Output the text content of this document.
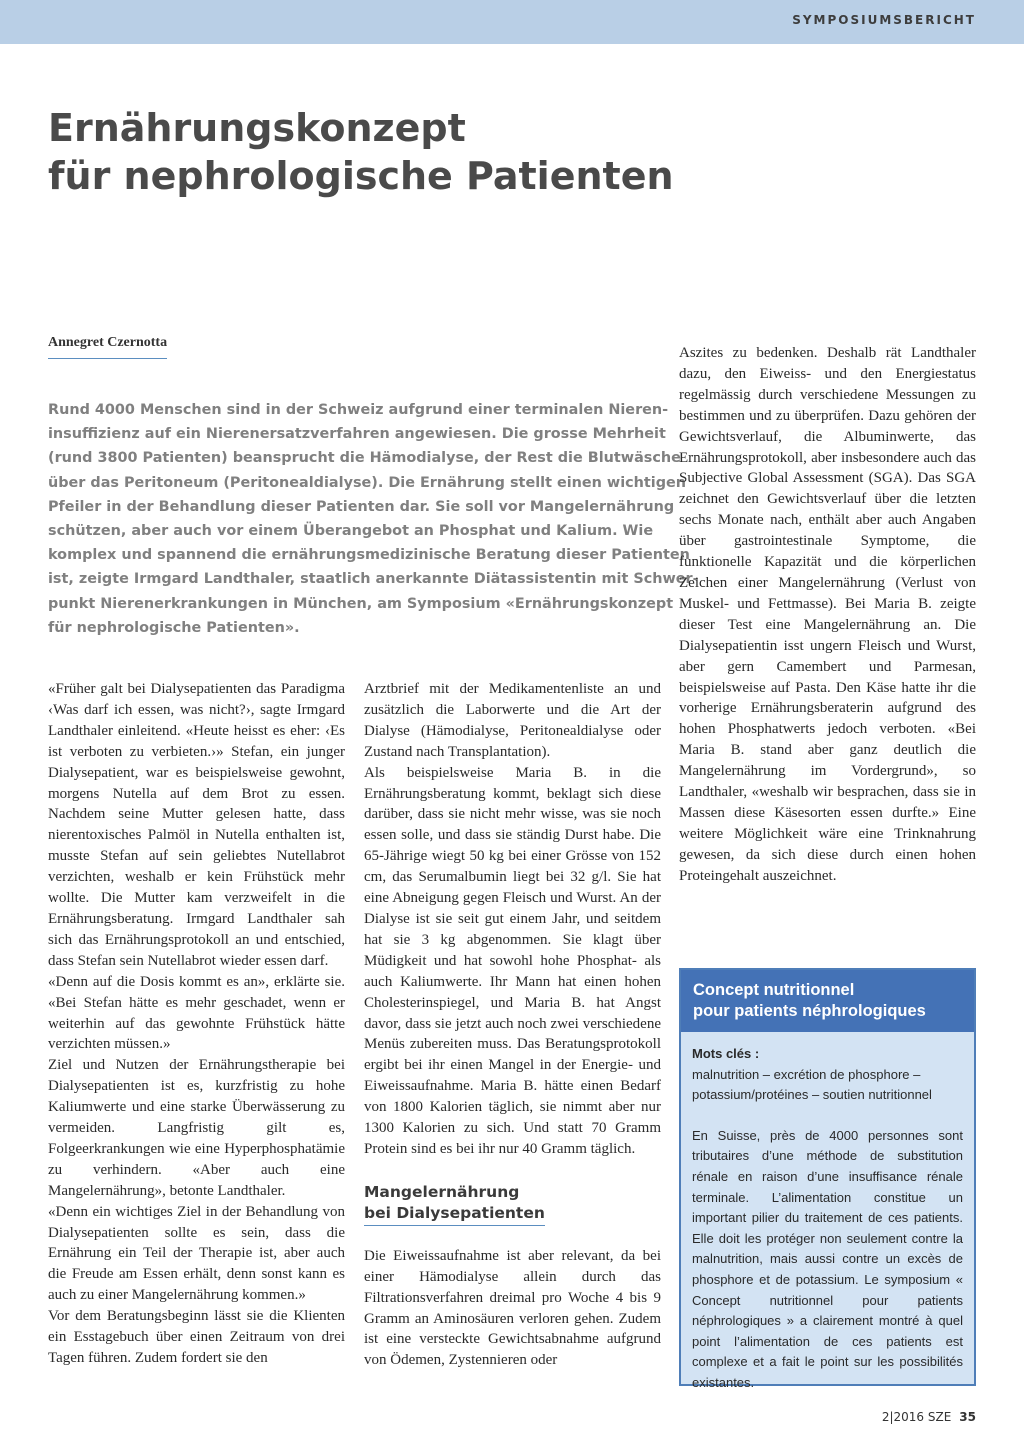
SYMPOSIUMSBERICHT
Ernährungskonzept
für nephrologische Patienten
Annegret Czernotta
Rund 4000 Menschen sind in der Schweiz aufgrund einer terminalen Nieren-
insuffizienz auf ein Nierenersatzverfahren angewiesen. Die grosse Mehrheit
(rund 3800 Patienten) beansprucht die Hämodialyse, der Rest die Blutwäsche
über das Peritoneum (Peritonealdialyse). Die Ernährung stellt einen wichtigen
Pfeiler in der Behandlung dieser Patienten dar. Sie soll vor Mangelernährung
schützen, aber auch vor einem Überangebot an Phosphat und Kalium. Wie
komplex und spannend die ernährungsmedizinische Beratung dieser Patienten
ist, zeigte Irmgard Landthaler, staatlich anerkannte Diätassistentin mit Schwer-
punkt Nierenerkrankungen in München, am Symposium «Ernährungskonzept
für nephrologische Patienten».

«Früher galt bei Dialysepatienten das Paradigma ‹Was darf ich essen, was nicht?›, sagte Irmgard Landthaler einleitend. «Heute heisst es eher: ‹Es ist verboten zu verbieten.›» Stefan, ein junger Dialysepatient, war es beispielsweise gewohnt, morgens Nutella auf dem Brot zu essen. Nachdem seine Mutter gelesen hatte, dass nierentoxisches Palmöl in Nutella enthalten ist, musste Stefan auf sein geliebtes Nutellabrot verzichten, weshalb er kein Frühstück mehr wollte. Die Mutter kam verzweifelt in die Ernährungsberatung. Irmgard Landthaler sah sich das Ernährungsprotokoll an und entschied, dass Stefan sein Nutellabrot wieder essen darf.

«Denn auf die Dosis kommt es an», erklärte sie. «Bei Stefan hätte es mehr geschadet, wenn er weiterhin auf das gewohnte Frühstück hätte verzichten müssen.»

Ziel und Nutzen der Ernährungstherapie bei Dialysepatienten ist es, kurzfristig zu hohe Kaliumwerte und eine starke Überwässerung zu vermeiden. Langfristig gilt es, Folgeerkrankungen wie eine Hyperphosphatämie zu verhindern. «Aber auch eine Mangelernährung», betonte Landthaler.

«Denn ein wichtiges Ziel in der Behandlung von Dialysepatienten sollte es sein, dass die Ernährung ein Teil der Therapie ist, aber auch die Freude am Essen erhält, denn sonst kann es auch zu einer Mangelernährung kommen.»

Vor dem Beratungsbeginn lässt sie die Klienten ein Esstagebuch über einen Zeitraum von drei Tagen führen. Zudem fordert sie den

Arztbrief mit der Medikamentenliste an und zusätzlich die Laborwerte und die Art der Dialyse (Hämodialyse, Peritonealdialyse oder Zustand nach Transplantation).

Als beispielsweise Maria B. in die Ernährungsberatung kommt, beklagt sich diese darüber, dass sie nicht mehr wisse, was sie noch essen solle, und dass sie ständig Durst habe. Die 65-Jährige wiegt 50 kg bei einer Grösse von 152 cm, das Serumalbumin liegt bei 32 g/l. Sie hat eine Abneigung gegen Fleisch und Wurst. An der Dialyse ist sie seit gut einem Jahr, und seitdem hat sie 3 kg abgenommen. Sie klagt über Müdigkeit und hat sowohl hohe Phosphat- als auch Kaliumwerte. Ihr Mann hat einen hohen Cholesterinspiegel, und Maria B. hat Angst davor, dass sie jetzt auch noch zwei verschiedene Menüs zubereiten muss. Das Beratungsprotokoll ergibt bei ihr einen Mangel in der Energie- und Eiweissaufnahme. Maria B. hätte einen Bedarf von 1800 Kalorien täglich, sie nimmt aber nur 1300 Kalorien zu sich. Und statt 70 Gramm Protein sind es bei ihr nur 40 Gramm täglich.

Mangelernährung
bei Dialysepatienten

Die Eiweissaufnahme ist aber relevant, da bei einer Hämodialyse allein durch das Filtrationsverfahren dreimal pro Woche 4 bis 9 Gramm an Aminosäuren verloren gehen. Zudem ist eine versteckte Gewichtsabnahme aufgrund von Ödemen, Zystennieren oder

Aszites zu bedenken. Deshalb rät Landthaler dazu, den Eiweiss- und den Energiestatus regelmässig durch verschiedene Messungen zu bestimmen und zu überprüfen. Dazu gehören der Gewichtsverlauf, die Albuminwerte, das Ernährungsprotokoll, aber insbesondere auch das Subjective Global Assessment (SGA). Das SGA zeichnet den Gewichtsverlauf über die letzten sechs Monate nach, enthält aber auch Angaben über gastrointestinale Symptome, die funktionelle Kapazität und die körperlichen Zeichen einer Mangelernährung (Verlust von Muskel- und Fettmasse). Bei Maria B. zeigte dieser Test eine Mangelernährung an. Die Dialysepatientin isst ungern Fleisch und Wurst, aber gern Camembert und Parmesan, beispielsweise auf Pasta. Den Käse hatte ihr die vorherige Ernährungsberaterin aufgrund des hohen Phosphatwerts jedoch verboten. «Bei Maria B. stand aber ganz deutlich die Mangelernährung im Vordergrund», so Landthaler, «weshalb wir besprachen, dass sie in Massen diese Käsesorten essen durfte.» Eine weitere Möglichkeit wäre eine Trinknahrung gewesen, da sich diese durch einen hohen Proteingehalt auszeichnet.

Concept nutritionnel
pour patients néphrologiques
Mots clés :
malnutrition – excrétion de phosphore – potassium/protéines – soutien nutritionnel
En Suisse, près de 4000 personnes sont tributaires d’une méthode de substitution rénale en raison d’une insuffisance rénale terminale. L’alimentation constitue un important pilier du traitement de ces patients. Elle doit les protéger non seulement contre la malnutrition, mais aussi contre un excès de phosphore et de potassium. Le symposium « Concept nutritionnel pour patients néphrologiques » a clairement montré à quel point l’alimentation de ces patients est complexe et a fait le point sur les possibilités existantes.
2|2016 SZE 35
